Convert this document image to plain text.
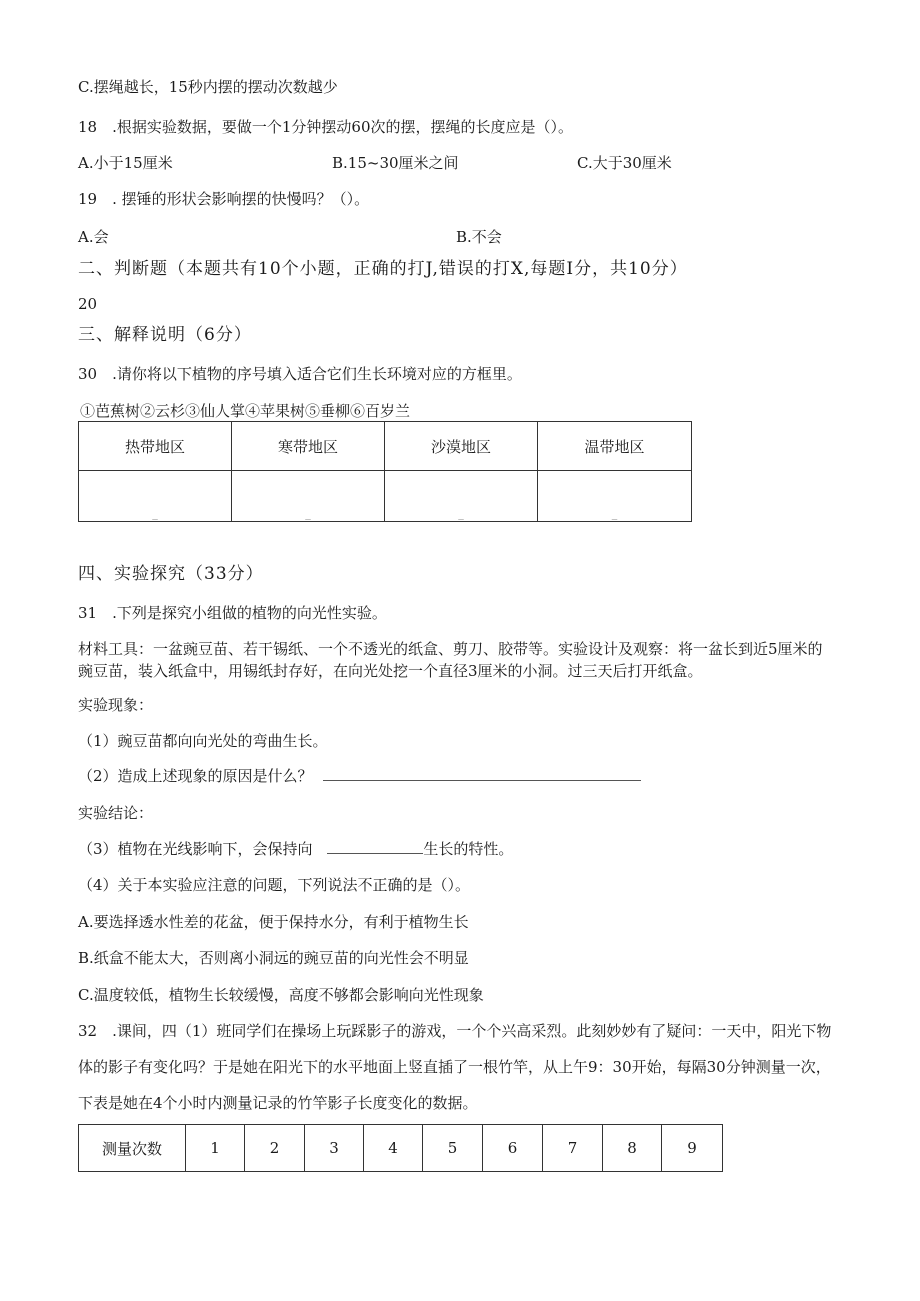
C.摆绳越长，15秒内摆的摆动次数越少
18　.根据实验数据，要做一个1分钟摆动60次的摆，摆绳的长度应是（）。
A.小于15厘米	B.15~30厘米之间	C.大于30厘米
19　. 摆锤的形状会影响摆的快慢吗？（）。
A.会	B.不会
二、判断题（本题共有10个小题，正确的打J,错误的打X,每题I分，共10分）
20
三、解释说明（6分）
30　.请你将以下植物的序号填入适合它们生长环境对应的方框里。
①芭蕉树②云杉③仙人掌④苹果树⑤垂柳⑥百岁兰
热带地区	寒带地区	沙漠地区	温带地区
_	_	_	_
四、实验探究（33分）
31　.下列是探究小组做的植物的向光性实验。
材料工具：一盆豌豆苗、若干锡纸、一个不透光的纸盒、剪刀、胶带等。实验设计及观察：将一盆长到近5厘米的
豌豆苗，装入纸盒中，用锡纸封存好，在向光处挖一个直径3厘米的小洞。过三天后打开纸盒。
实验现象：
（1）豌豆苗都向向光处的弯曲生长。
（2）造成上述现象的原因是什么？
实验结论：
（3）植物在光线影响下，会保持向	生长的特性。
（4）关于本实验应注意的问题，下列说法不正确的是（）。
A.要选择透水性差的花盆，便于保持水分，有利于植物生长
B.纸盒不能太大，否则离小洞远的豌豆苗的向光性会不明显
C.温度较低，植物生长较缓慢，高度不够都会影响向光性现象
32　.课间，四（1）班同学们在操场上玩踩影子的游戏，一个个兴高采烈。此刻妙妙有了疑问：一天中，阳光下物
体的影子有变化吗？于是她在阳光下的水平地面上竖直插了一根竹竿，从上午9：30开始，每隔30分钟测量一次，
下表是她在4个小时内测量记录的竹竿影子长度变化的数据。
测量次数	1	2	3	4	5	6	7	8	9
